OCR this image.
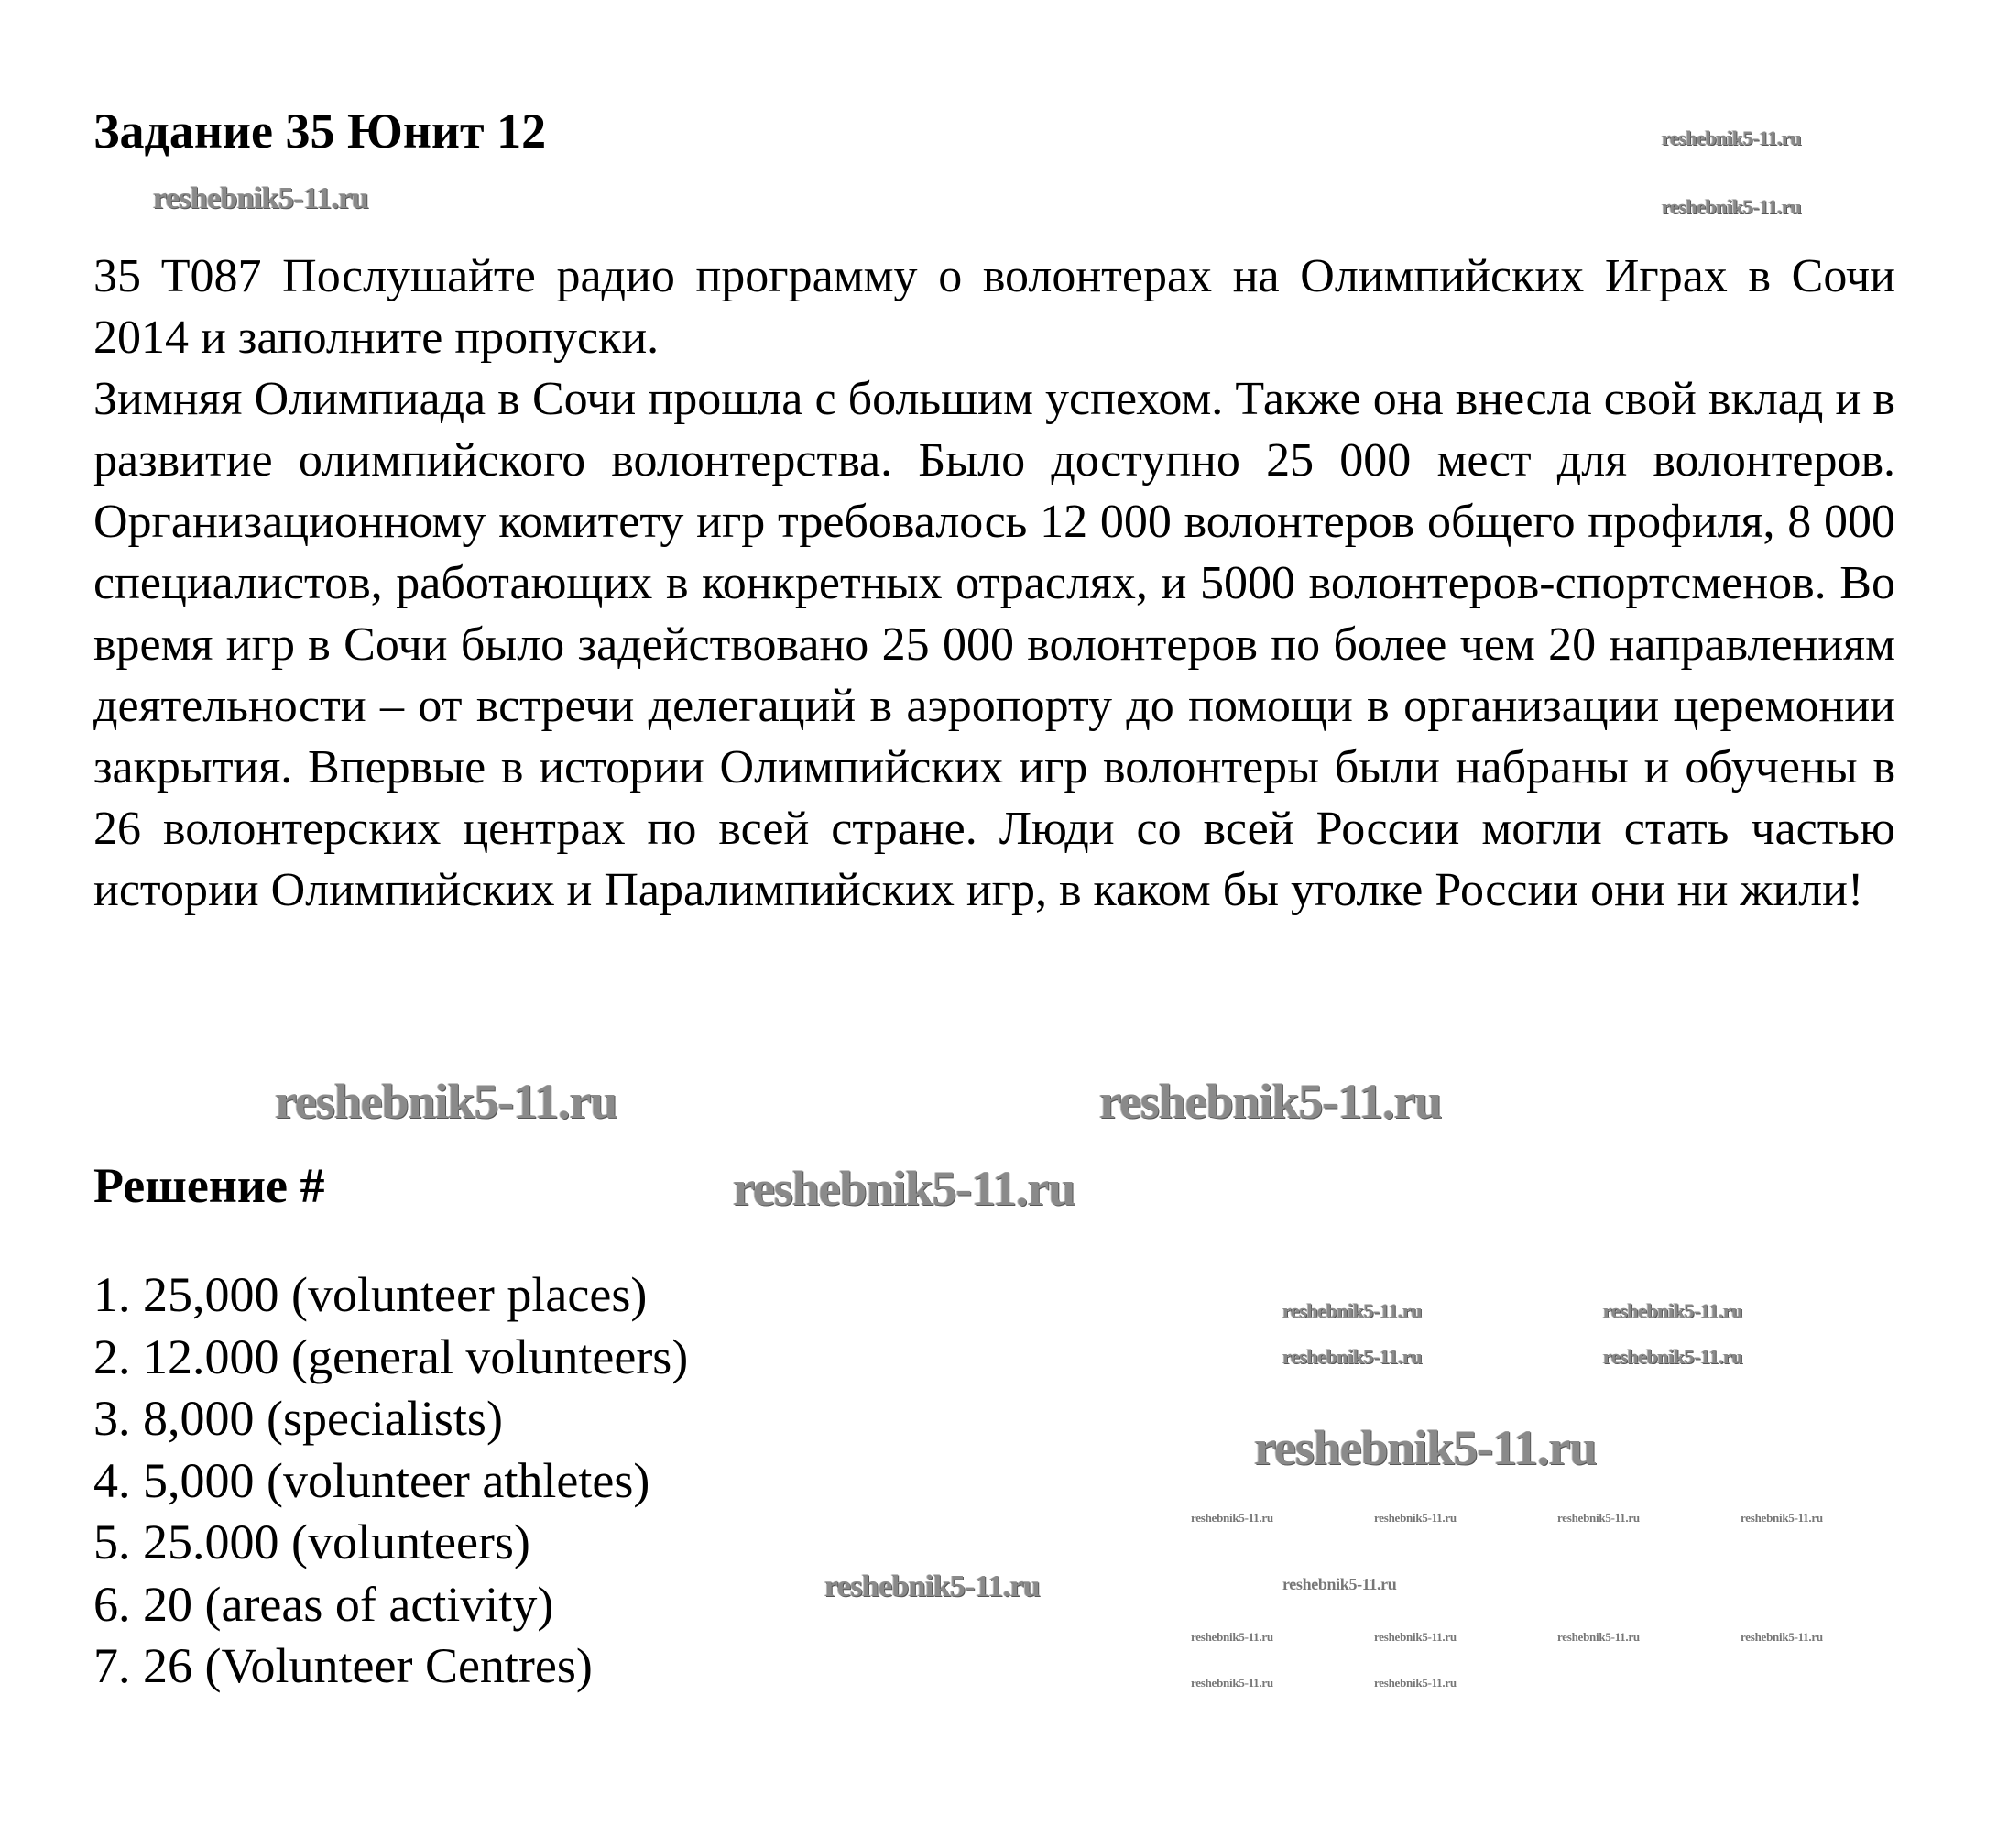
Задание 35 Юнит 12

35 T087 Послушайте радио программу о волонтерах на Олимпийских Играх в Сочи 2014 и заполните пропуски.

Зимняя Олимпиада в Сочи прошла с большим успехом. Также она внесла свой вклад и в развитие олимпийского волонтерства. Было доступно 25 000 мест для волонтеров. Организационному комитету игр требовалось 12 000 волонтеров общего профиля, 8 000 специалистов, работающих в конкретных отраслях, и 5000 волонтеров-спортсменов. Во время игр в Сочи было задействовано 25 000 волонтеров по более чем 20 направлениям деятельности – от встречи делегаций в аэропорту до помощи в организации церемонии закрытия. Впервые в истории Олимпийских игр волонтеры были набраны и обучены в 26 волонтерских центрах по всей стране. Люди со всей России могли стать частью истории Олимпийских и Паралимпийских игр, в каком бы уголке России они ни жили!

Решение #
1. 25,000 (volunteer places)
2. 12.000 (general volunteers)
3. 8,000 (specialists)
4. 5,000 (volunteer athletes)
5. 25.000 (volunteers)
6. 20 (areas of activity)
7. 26 (Volunteer Centres)
reshebnik5-11.ru
reshebnik5-11.ru	reshebnik5-11.ru
reshebnik5-11.ru	reshebnik5-11.ru
reshebnik5-11.ru
reshebnik5-11.ru	reshebnik5-11.ru
reshebnik5-11.ru	reshebnik5-11.ru
reshebnik5-11.ru
reshebnik5-11.ru	reshebnik5-11.ru	reshebnik5-11.ru	reshebnik5-11.ru
reshebnik5-11.ru	reshebnik5-11.ru
reshebnik5-11.ru	reshebnik5-11.ru	reshebnik5-11.ru	reshebnik5-11.ru
reshebnik5-11.ru	reshebnik5-11.ru
